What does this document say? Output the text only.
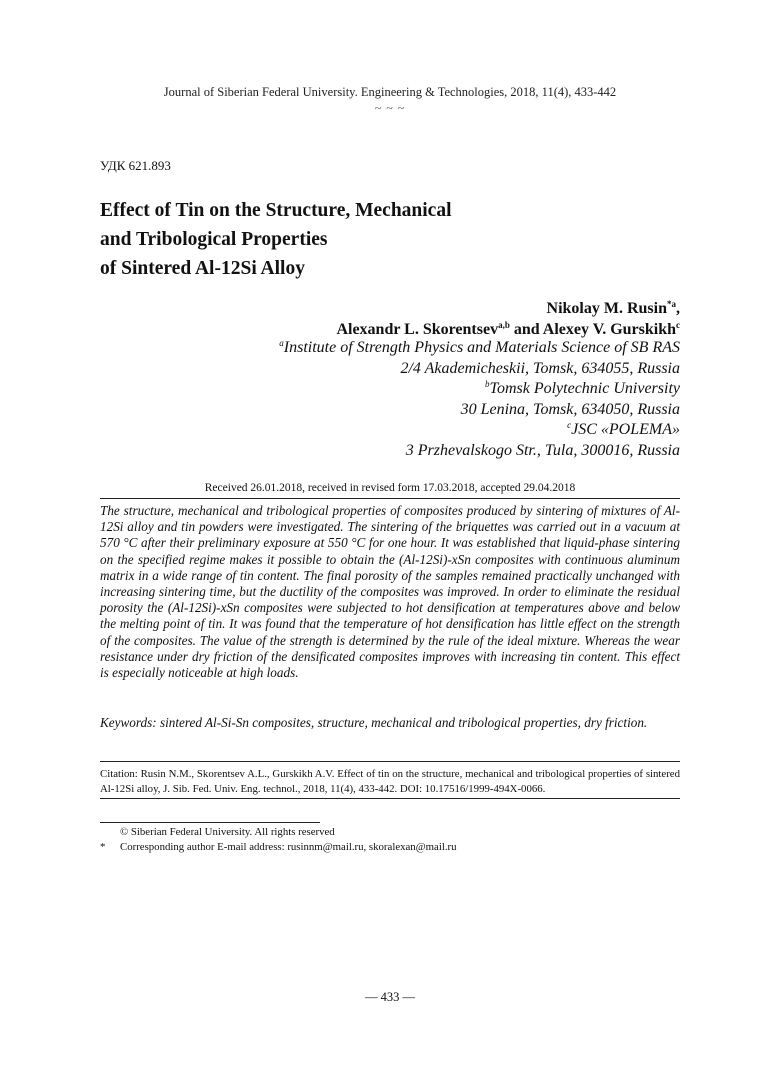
Journal of Siberian Federal University. Engineering & Technologies, 2018, 11(4), 433-442
~ ~ ~
УДК 621.893
Effect of Tin on the Structure, Mechanical
and Tribological Properties
of Sintered Al-12Si Alloy
Nikolay M. Rusin$^{*a}$,
Alexandr L. Skorentsev$^{a,b}$ and Alexey V. Gurskikh$^c$
$^a$Institute of Strength Physics and Materials Science of SB RAS
2/4 Akademicheskii, Tomsk, 634055, Russia
$^b$Tomsk Polytechnic University
30 Lenina, Tomsk, 634050, Russia
$^c$JSC «POLEMA»
3 Przhevalskogo Str., Tula, 300016, Russia
Received 26.01.2018, received in revised form 17.03.2018, accepted 29.04.2018
The structure, mechanical and tribological properties of composites produced by sintering of mixtures of Al-12Si alloy and tin powders were investigated. The sintering of the briquettes was carried out in a vacuum at 570 °C after their preliminary exposure at 550 °C for one hour. It was established that liquid-phase sintering on the specified regime makes it possible to obtain the (Al-12Si)-xSn composites with continuous aluminum matrix in a wide range of tin content. The final porosity of the samples remained practically unchanged with increasing sintering time, but the ductility of the composites was improved. In order to eliminate the residual porosity the (Al-12Si)-xSn composites were subjected to hot densification at temperatures above and below the melting point of tin. It was found that the temperature of hot densification has little effect on the strength of the composites. The value of the strength is determined by the rule of the ideal mixture. Whereas the wear resistance under dry friction of the densificated composites improves with increasing tin content. This effect is especially noticeable at high loads.
Keywords: sintered Al-Si-Sn composites, structure, mechanical and tribological properties, dry friction.
Citation: Rusin N.M., Skorentsev A.L., Gurskikh A.V. Effect of tin on the structure, mechanical and tribological properties of sintered Al-12Si alloy, J. Sib. Fed. Univ. Eng. technol., 2018, 11(4), 433-442. DOI: 10.17516/1999-494X-0066.
© Siberian Federal University. All rights reserved
* Corresponding author E-mail address: rusinnm@mail.ru, skoralexan@mail.ru
— 433 —
